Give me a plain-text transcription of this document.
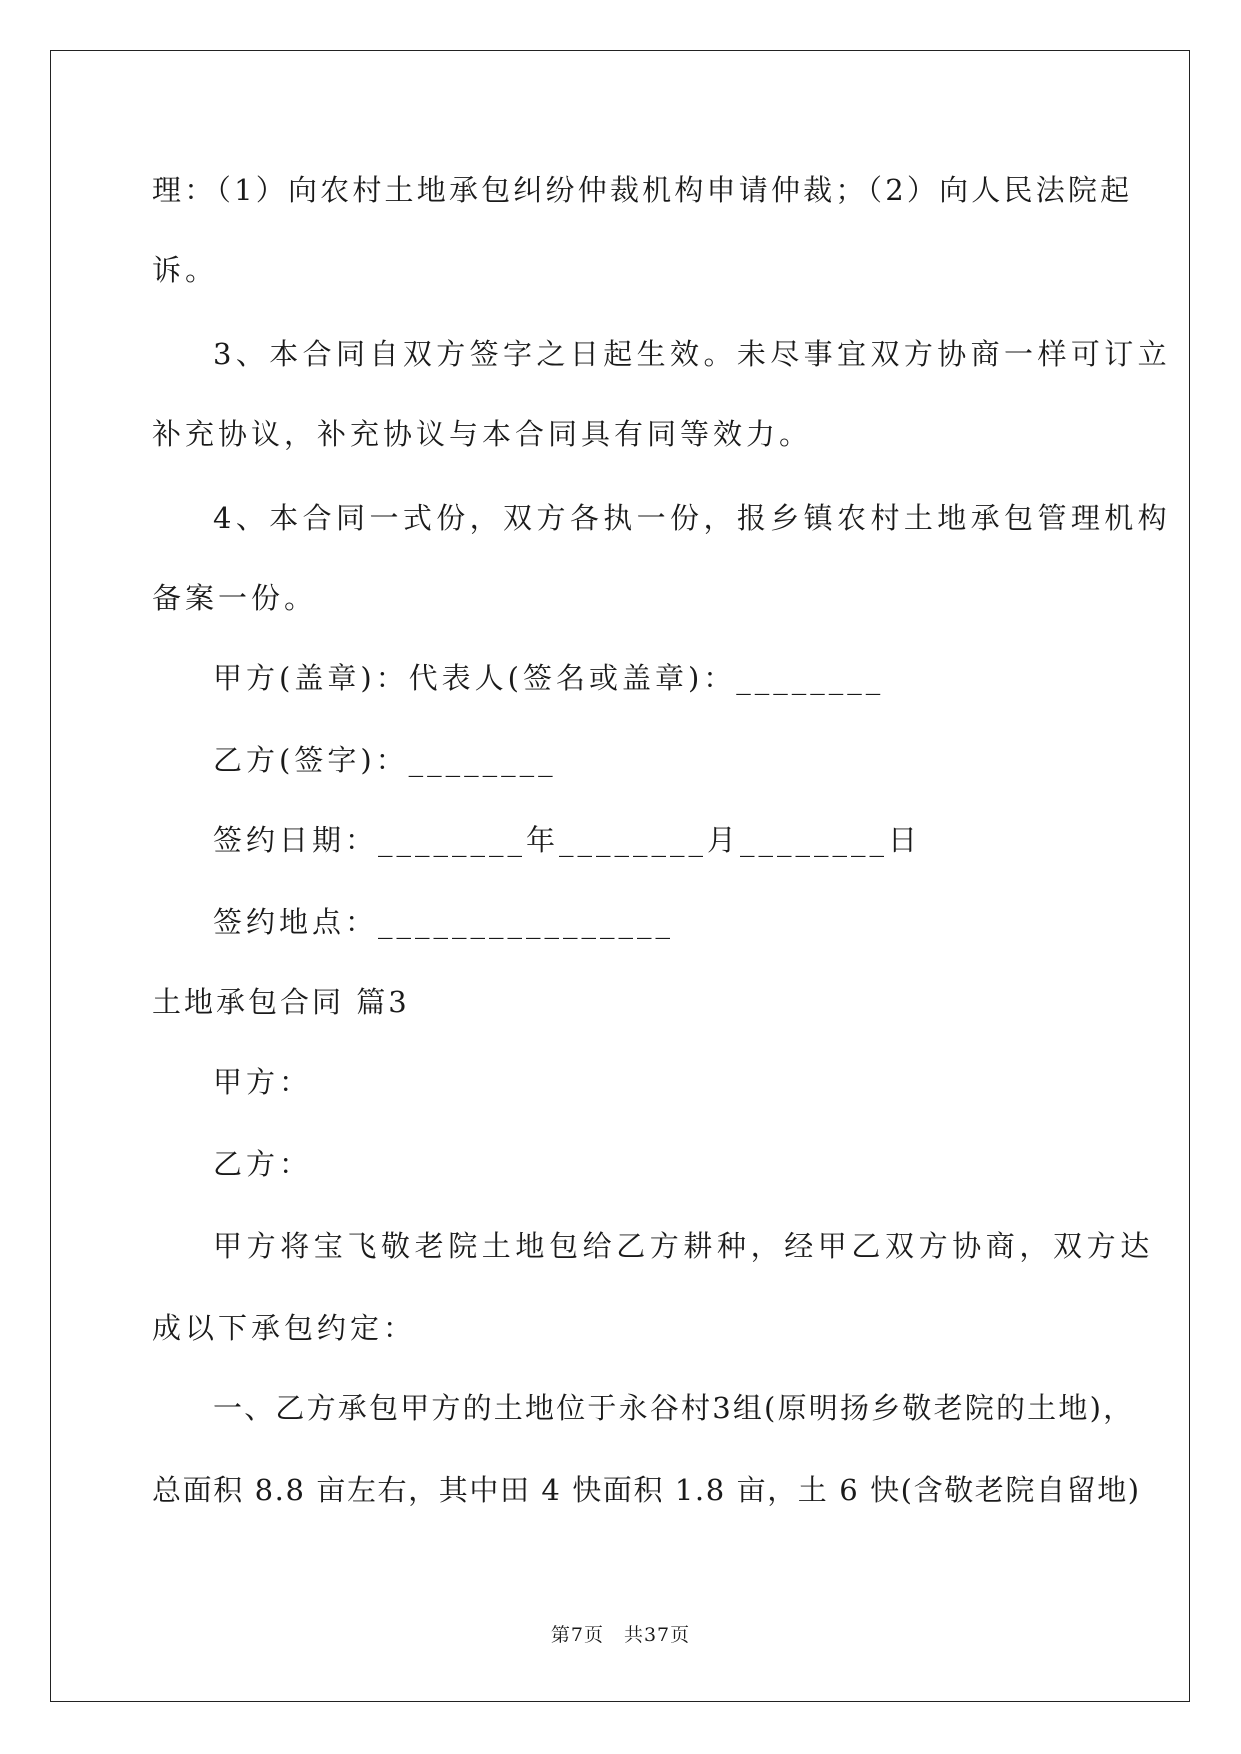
理：（1）向农村土地承包纠纷仲裁机构申请仲裁；（2）向人民法院起
诉。
3、本合同自双方签字之日起生效。未尽事宜双方协商一样可订立
补充协议，补充协议与本合同具有同等效力。
4、本合同一式份，双方各执一份，报乡镇农村土地承包管理机构
备案一份。
甲方(盖章)：代表人(签名或盖章)：________
乙方(签字)：________
签约日期：________年________月________日
签约地点：________________
土地承包合同 篇3
甲方：
乙方：
甲方将宝飞敬老院土地包给乙方耕种，经甲乙双方协商，双方达
成以下承包约定：
一、乙方承包甲方的土地位于永谷村3组(原明扬乡敬老院的土地)，
总面积 8.8 亩左右，其中田 4 快面积 1.8 亩，土 6 快(含敬老院自留地)
第7页　共37页
